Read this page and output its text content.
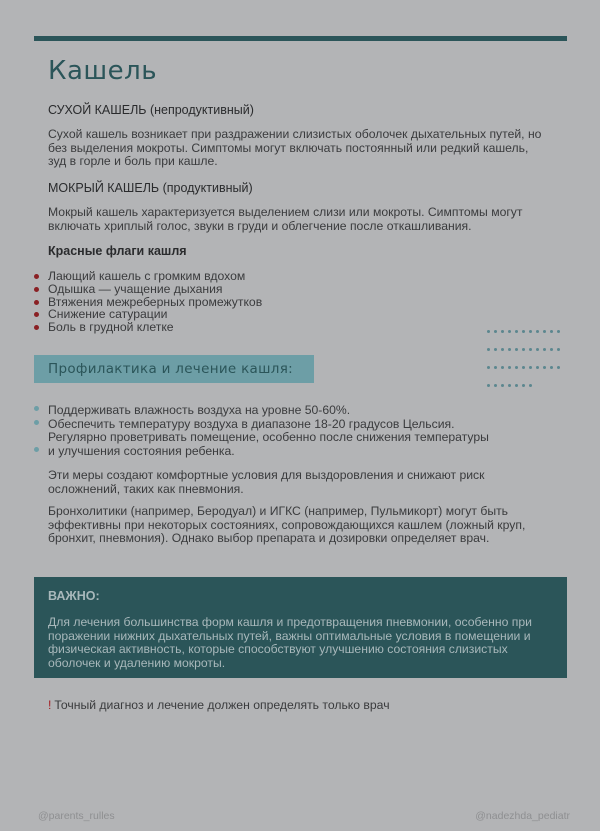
Кашель
СУХОЙ КАШЕЛЬ (непродуктивный)

Сухой кашель возникает при раздражении слизистых оболочек дыхательных путей, но без выделения мокроты. Симптомы могут включать постоянный или редкий кашель, зуд в горле и боль при кашле.

МОКРЫЙ КАШЕЛЬ (продуктивный)

Мокрый кашель характеризуется выделением слизи или мокроты. Симптомы могут включать хриплый голос, звуки в груди и облегчение после откашливания.

Красные флаги кашля
Лающий кашель с громким вдохом
Одышка — учащение дыхания
Втяжения межреберных промежутков
Снижение сатурации
Боль в грудной клетке
Профилактика и лечение кашля:
Поддерживать влажность воздуха на уровне 50-60%.
Обеспечить температуру воздуха в диапазоне 18-20 градусов Цельсия.
Регулярно проветривать помещение, особенно после снижения температуры
и улучшения состояния ребенка.

Эти меры создают комфортные условия для выздоровления и снижают риск осложнений, таких как пневмония.

Бронхолитики (например, Беродуал) и ИГКС (например, Пульмикорт) могут быть эффективны при некоторых состояниях, сопровождающихся кашлем (ложный круп, бронхит, пневмония). Однако выбор препарата и дозировки определяет врач.

ВАЖНО:

Для лечения большинства форм кашля и предотвращения пневмонии, особенно при поражении нижних дыхательных путей, важны оптимальные условия в помещении и физическая активность, которые способствуют улучшению состояния слизистых оболочек и удалению мокроты.

! Точный диагноз и лечение должен определять только врач
@parents_rulles	@nadezhda_pediatr
